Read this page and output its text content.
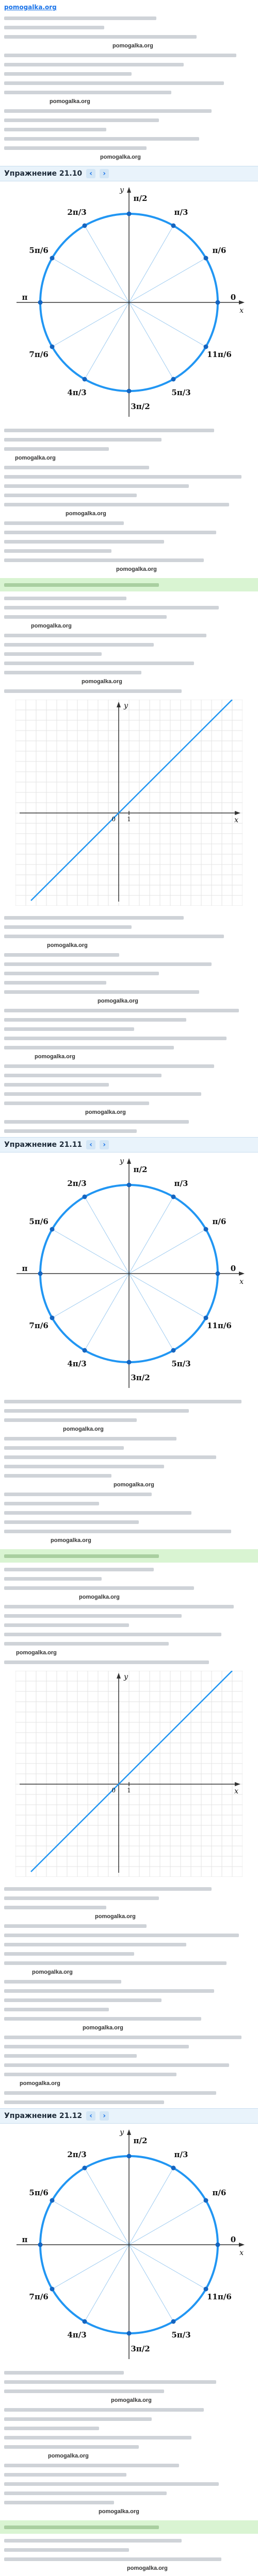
pomogalka.org
pomogalka.org
pomogalka.org
pomogalka.org
Упражнение 21.10
‹
›
0
π/6
π/3
π/2
2π/3
5π/6
π
7π/6
4π/3
3π/2
5π/3
11π/6
x
y
pomogalka.org
pomogalka.org
pomogalka.org
pomogalka.org
pomogalka.org
x
y
0 1
pomogalka.org
pomogalka.org
pomogalka.org
pomogalka.org
Упражнение 21.11
‹
›
0
π/6
π/3
π/2
2π/3
5π/6
π
7π/6
4π/3
3π/2
5π/3
11π/6
x
y
pomogalka.org
pomogalka.org
pomogalka.org
pomogalka.org
pomogalka.org
x
y
0 1
pomogalka.org
pomogalka.org
pomogalka.org
pomogalka.org
Упражнение 21.12
‹
›
0
π/6
π/3
π/2
2π/3
5π/6
π
7π/6
4π/3
3π/2
5π/3
11π/6
x
y
pomogalka.org
pomogalka.org
pomogalka.org
pomogalka.org
